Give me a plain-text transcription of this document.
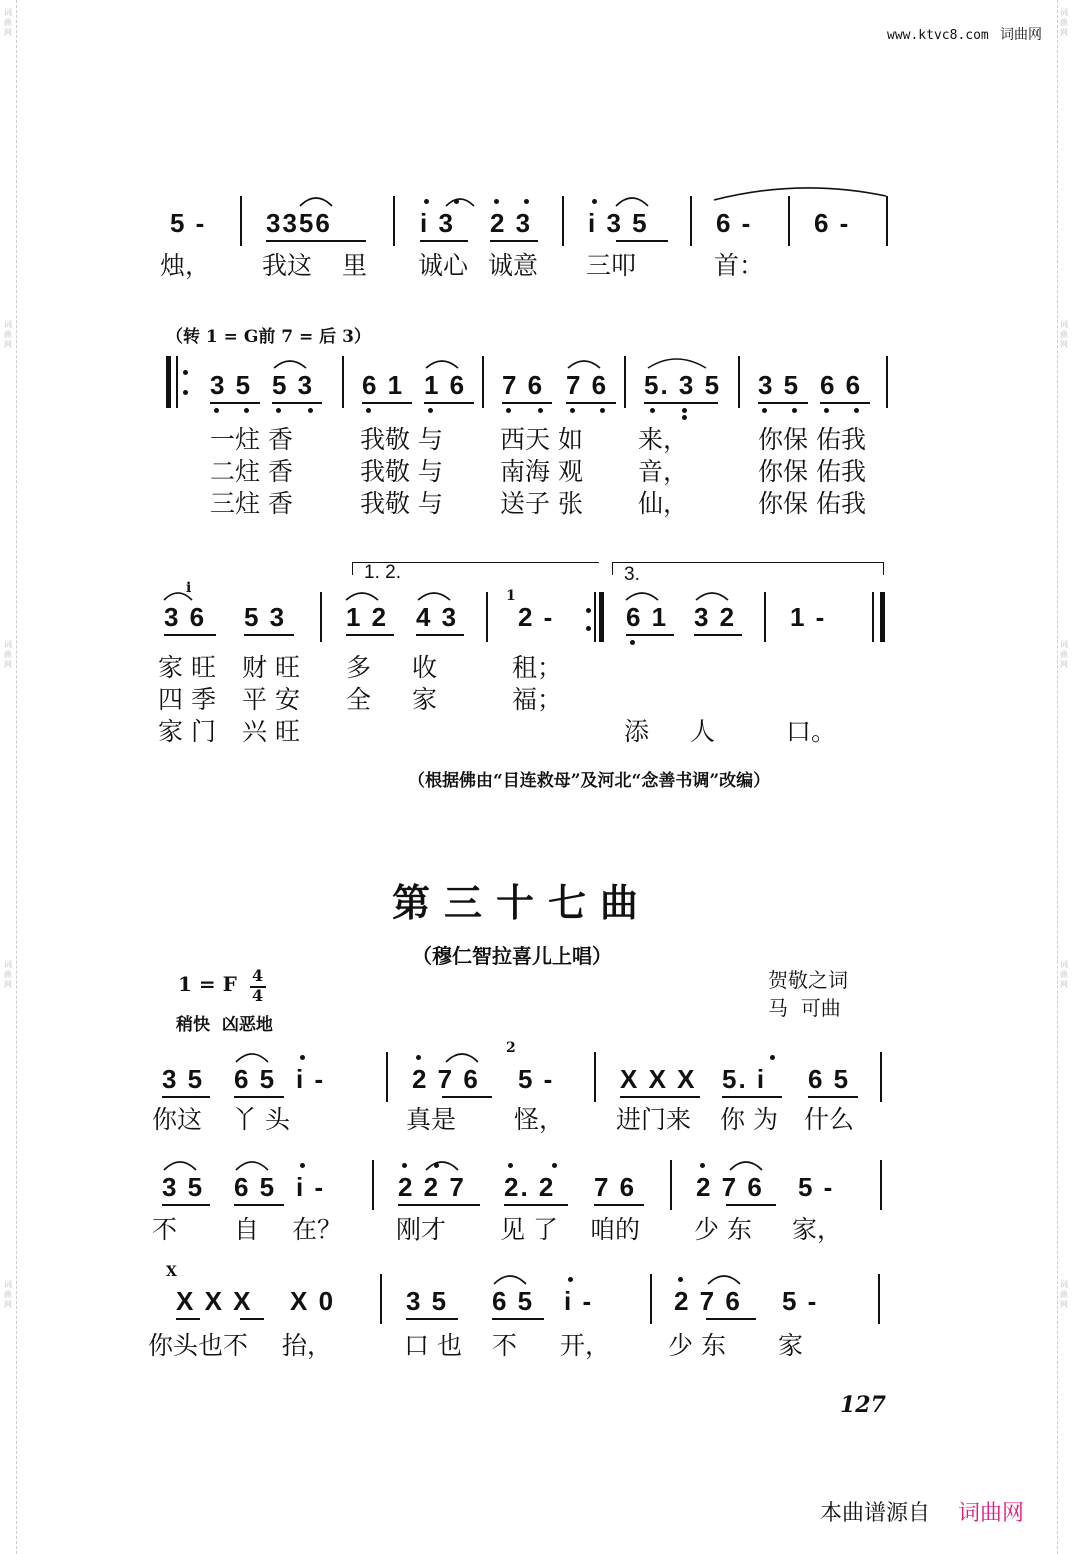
词曲网
词曲网
词曲网
词曲网
词曲网
词曲网
词曲网
词曲网
词曲网
词曲网
www.ktvc8.com 词曲网
5 - 3356	i 3 2 3 i 3 5	6 - 6 -
烛， 我这 里 诚心 诚意 三叩	首：
（转 1 = G前 7 = 后 3）
3 5 5 3 6 1 1 6 7 6 7 6 5. 3 5 3 5 6 6
一炷 香	我敬 与 西天 如 来，	你保 佑我
二炷 香	我敬 与 南海 观 音，	你保 佑我
三炷 香	我敬 与 送子 张 仙，	你保 佑我
1. 2.	3.
i
3 6 5 3 1 2 4 3
1
2 -	6 1 3 2 1 -
家 旺 财 旺 多 收	租；
四 季 平 安 全 家	福；
家 门 兴 旺	添 人	口。
（根据佛由“目连救母”及河北“念善书调”改编）
第三十七曲
（穆仁智拉喜儿上唱）
1 = F 4
4
稍快  凶恶地
贺敬之词
马  可曲
3 5 6 5 i -	2 7 6
2
5 -	X X X 5. i 6 5
你这 丫 头	真是 怪， 进门来 你 为 什么
3 5 6 5 i -	2 2 7 2. 2 7 6 2 7 6 5 -
不 自 在？ 刚才 见 了 咱的 少 东 家，
X
X X X X 0	3 5 6 5 i -	2 7 6 5 -
你头也不 抬，	口 也 不 开， 少 东 家
127
本曲谱源自 词曲网
